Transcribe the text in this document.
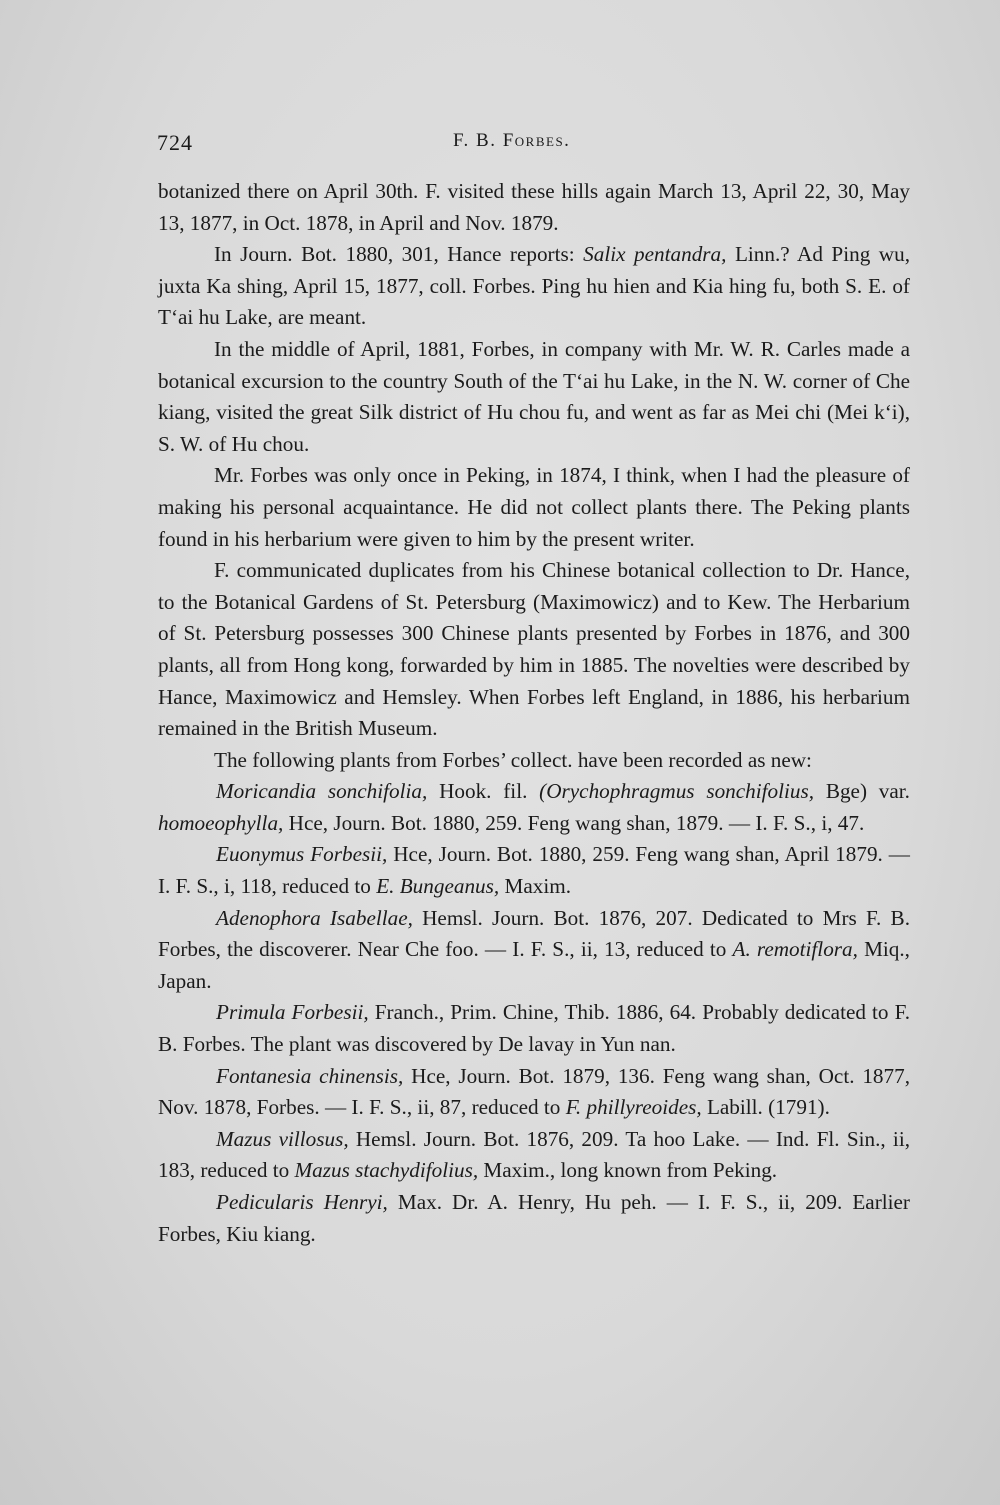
724	F. B. Forbes.

botanized there on April 30th. F. visited these hills again March 13, April 22, 30, May 13, 1877, in Oct. 1878, in April and Nov. 1879.

In Journ. Bot. 1880, 301, Hance reports: Salix pentandra, Linn.? Ad Ping wu, juxta Ka shing, April 15, 1877, coll. Forbes. Ping hu hien and Kia hing fu, both S. E. of Tʻai hu Lake, are meant.

In the middle of April, 1881, Forbes, in company with Mr. W. R. Carles made a botanical excursion to the country South of the Tʻai hu Lake, in the N. W. corner of Che kiang, visited the great Silk district of Hu chou fu, and went as far as Mei chi (Mei kʻi), S. W. of Hu chou.

Mr. Forbes was only once in Peking, in 1874, I think, when I had the pleasure of making his personal acquaintance. He did not collect plants there. The Peking plants found in his herbarium were given to him by the present writer.

F. communicated duplicates from his Chinese botanical collection to Dr. Hance, to the Botanical Gardens of St. Petersburg (Maximowicz) and to Kew. The Herbarium of St. Petersburg possesses 300 Chinese plants presented by Forbes in 1876, and 300 plants, all from Hong kong, forwarded by him in 1885. The novelties were described by Hance, Maximowicz and Hemsley. When Forbes left England, in 1886, his herbarium remained in the British Museum.

The following plants from Forbes’ collect. have been recorded as new:

Moricandia sonchifolia, Hook. fil. (Orychophragmus sonchifolius, Bge) var. homoeophylla, Hce, Journ. Bot. 1880, 259. Feng wang shan, 1879. — I. F. S., i, 47.

Euonymus Forbesii, Hce, Journ. Bot. 1880, 259. Feng wang shan, April 1879. — I. F. S., i, 118, reduced to E. Bungeanus, Maxim.

Adenophora Isabellae, Hemsl. Journ. Bot. 1876, 207. Dedicated to Mrs F. B. Forbes, the discoverer. Near Che foo. — I. F. S., ii, 13, reduced to A. remotiflora, Miq., Japan.

Primula Forbesii, Franch., Prim. Chine, Thib. 1886, 64. Probably dedicated to F. B. Forbes. The plant was discovered by De lavay in Yun nan.

Fontanesia chinensis, Hce, Journ. Bot. 1879, 136. Feng wang shan, Oct. 1877, Nov. 1878, Forbes. — I. F. S., ii, 87, reduced to F. phillyreoides, Labill. (1791).

Mazus villosus, Hemsl. Journ. Bot. 1876, 209. Ta hoo Lake. — Ind. Fl. Sin., ii, 183, reduced to Mazus stachydifolius, Maxim., long known from Peking.

Pedicularis Henryi, Max. Dr. A. Henry, Hu peh. — I. F. S., ii, 209. Earlier Forbes, Kiu kiang.
